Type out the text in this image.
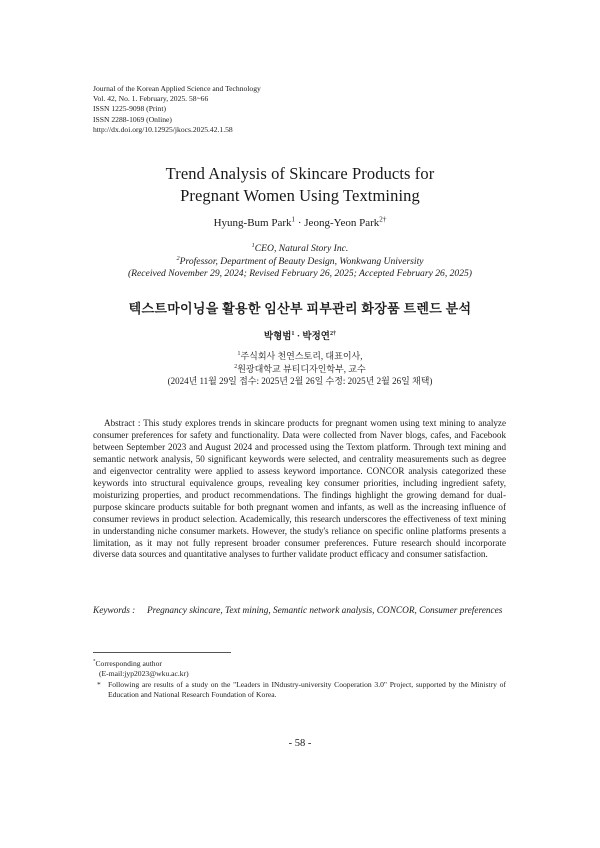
Journal of the Korean Applied Science and Technology
Vol. 42, No. 1. February, 2025. 58~66
ISSN 1225-9098 (Print)
ISSN 2288-1069 (Online)
http://dx.doi.org/10.12925/jkocs.2025.42.1.58
Trend Analysis of Skincare Products for
Pregnant Women Using Textmining
Hyung-Bum Park$^1$ · Jeong-Yeon Park$^{2\dagger}$
$^1$CEO, Natural Story Inc.
$^2$Professor, Department of Beauty Design, Wonkwang University
(Received November 29, 2024; Revised February 26, 2025; Accepted February 26, 2025)
텍스트마이닝을 활용한 임산부 피부관리 화장품 트렌드 분석
박형범$^1$ · 박정연$^{2\dagger}$
$^1$주식회사 천연스토리, 대표이사,
$^2$원광대학교 뷰티디자인학부, 교수
(2024년 11월 29일 접수: 2025년 2월 26일 수정: 2025년 2월 26일 채택)
Abstract : This study explores trends in skincare products for pregnant women using text mining to analyze consumer preferences for safety and functionality. Data were collected from Naver blogs, cafes, and Facebook between September 2023 and August 2024 and processed using the Textom platform. Through text mining and semantic network analysis, 50 significant keywords were selected, and centrality measurements such as degree and eigenvector centrality were applied to assess keyword importance. CONCOR analysis categorized these keywords into structural equivalence groups, revealing key consumer priorities, including ingredient safety, moisturizing properties, and product recommendations. The findings highlight the growing demand for dual-purpose skincare products suitable for both pregnant women and infants, as well as the increasing influence of consumer reviews in product selection. Academically, this research underscores the effectiveness of text mining in understanding niche consumer markets. However, the study's reliance on specific online platforms presents a limitation, as it may not fully represent broader consumer preferences. Future research should incorporate diverse data sources and quantitative analyses to further validate product efficacy and consumer satisfaction.
Keywords :	Pregnancy skincare, Text mining, Semantic network analysis, CONCOR, Consumer preferences
*Corresponding author
(E-mail:jyp2023@wku.ac.kr)
* Following are results of a study on the "Leaders in INdustry-university Cooperation 3.0" Project, supported by the Ministry of Education and National Research Foundation of Korea.
- 58 -
